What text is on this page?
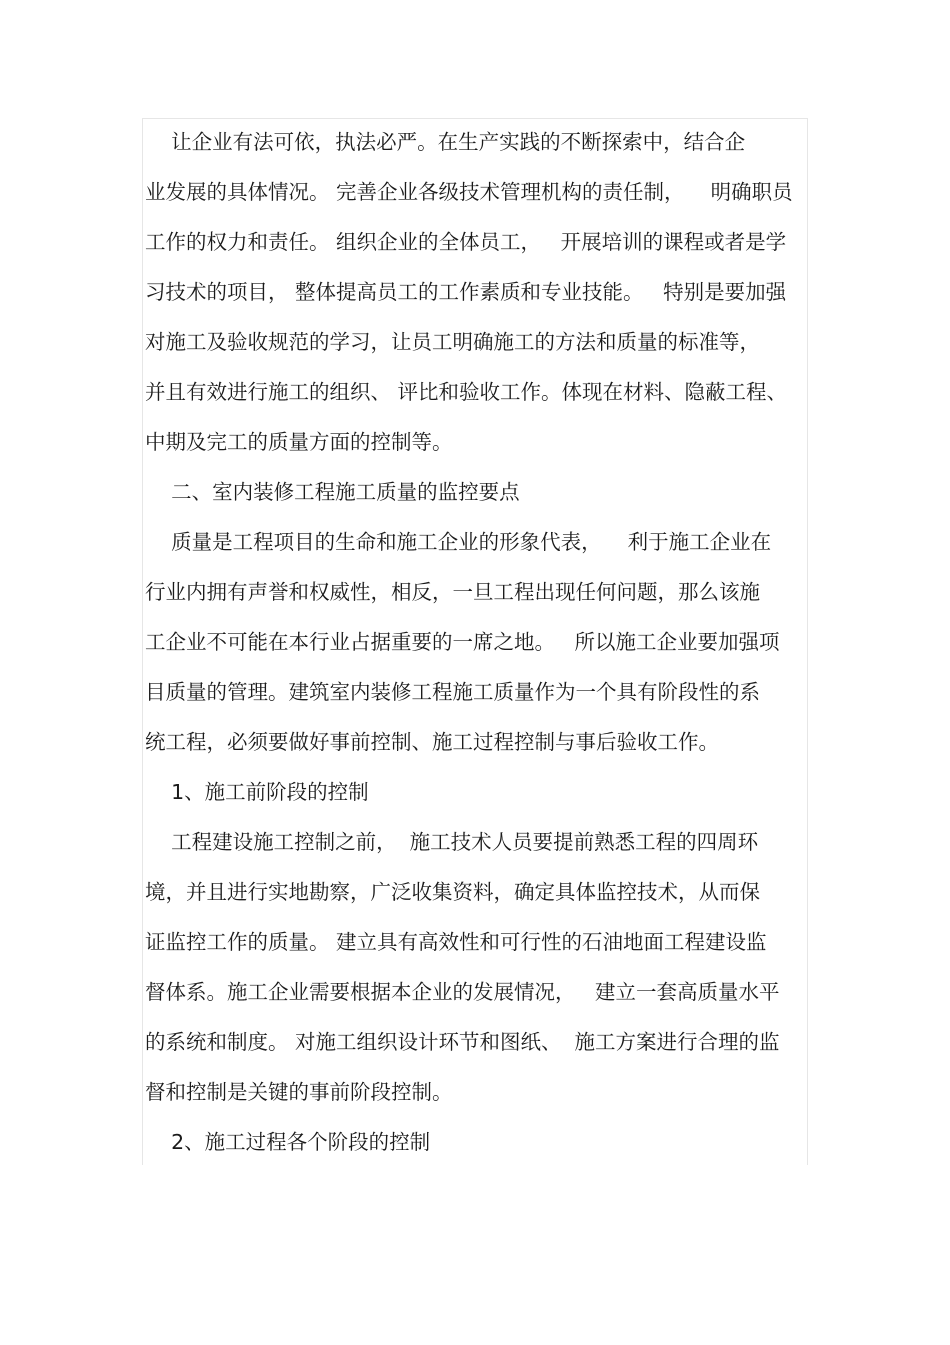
让企业有法可依，执法必严。在生产实践的不断探索中，结合企
业发展的具体情况。 完善企业各级技术管理机构的责任制，    明确职员
工作的权力和责任。 组织企业的全体员工，   开展培训的课程或者是学
习技术的项目， 整体提高员工的工作素质和专业技能。   特别是要加强
对施工及验收规范的学习，让员工明确施工的方法和质量的标准等，
并且有效进行施工的组织、 评比和验收工作。体现在材料、隐蔽工程、
中期及完工的质量方面的控制等。
二、室内装修工程施工质量的监控要点
质量是工程项目的生命和施工企业的形象代表，    利于施工企业在
行业内拥有声誉和权威性，相反，一旦工程出现任何问题，那么该施
工企业不可能在本行业占据重要的一席之地。   所以施工企业要加强项
目质量的管理。建筑室内装修工程施工质量作为一个具有阶段性的系
统工程，必须要做好事前控制、施工过程控制与事后验收工作。
1、施工前阶段的控制
工程建设施工控制之前，  施工技术人员要提前熟悉工程的四周环
境，并且进行实地勘察，广泛收集资料，确定具体监控技术，从而保
证监控工作的质量。 建立具有高效性和可行性的石油地面工程建设监
督体系。施工企业需要根据本企业的发展情况，   建立一套高质量水平
的系统和制度。 对施工组织设计环节和图纸、  施工方案进行合理的监
督和控制是关键的事前阶段控制。
2、施工过程各个阶段的控制
